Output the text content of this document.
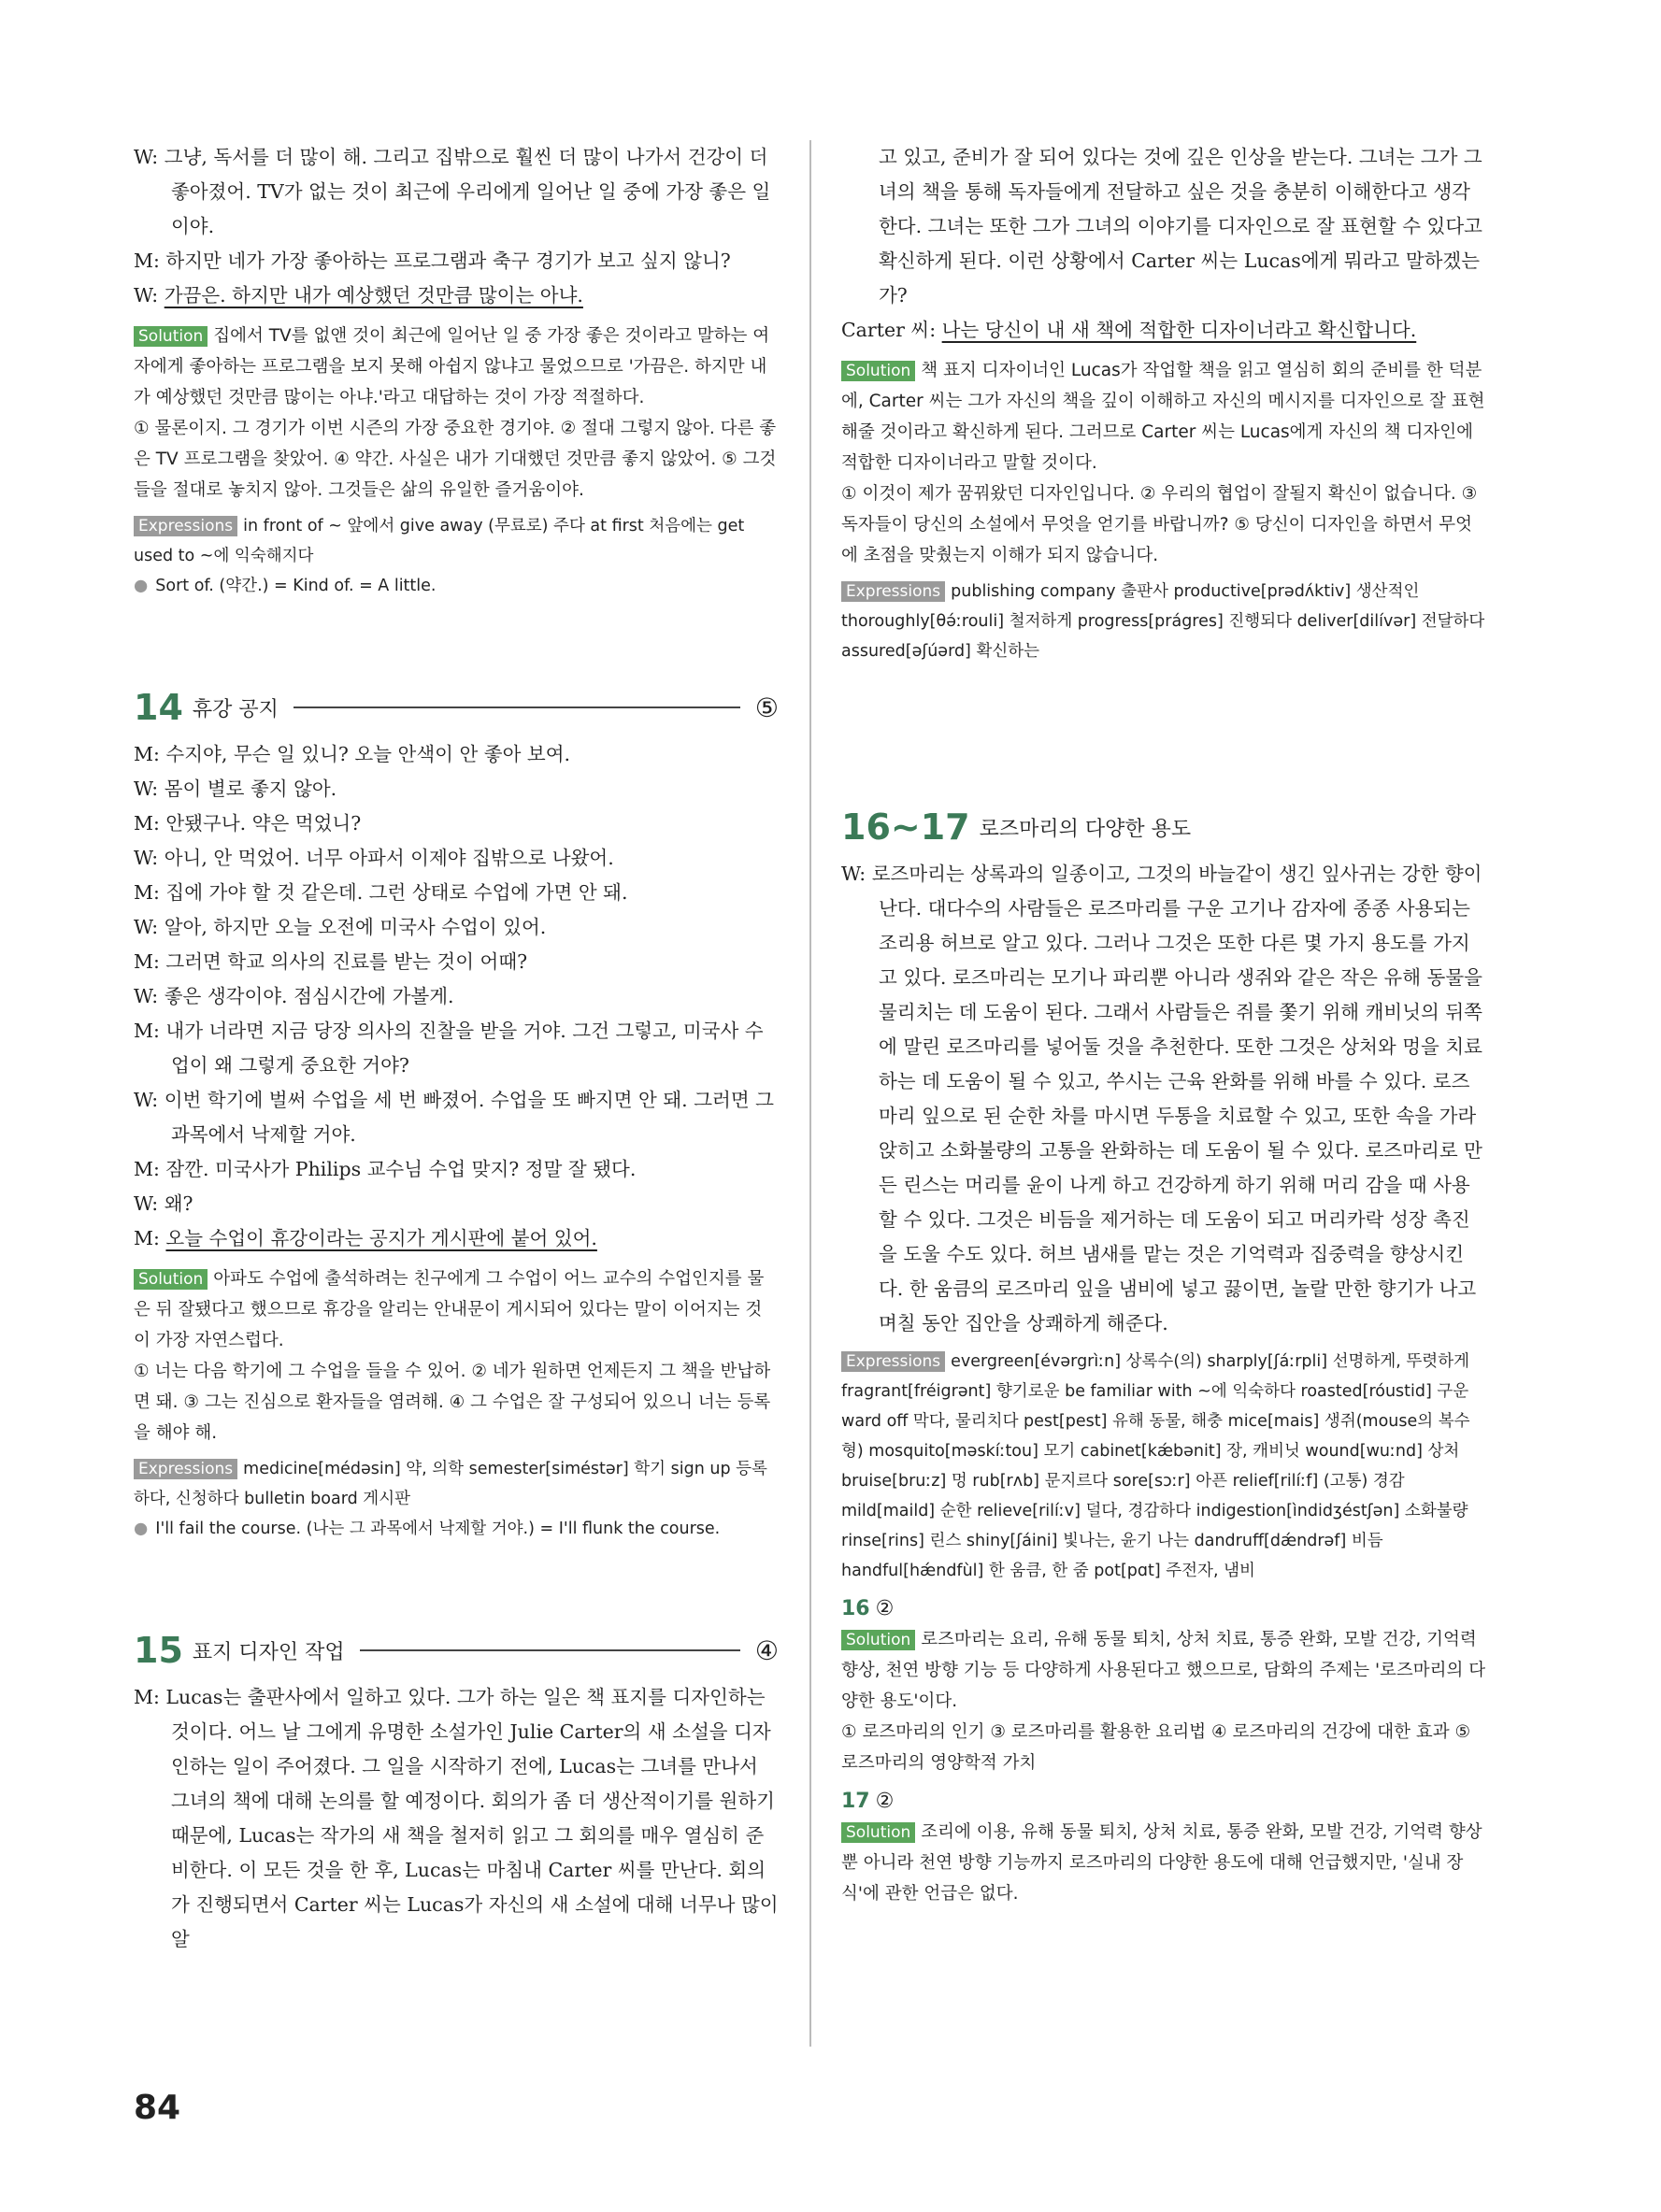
W: 그냥, 독서를 더 많이 해. 그리고 집밖으로 훨씬 더 많이 나가서 건강이 더 좋아졌어. TV가 없는 것이 최근에 우리에게 일어난 일 중에 가장 좋은 일이야.

M: 하지만 네가 가장 좋아하는 프로그램과 축구 경기가 보고 싶지 않니?

W: 가끔은. 하지만 내가 예상했던 것만큼 많이는 아냐.

Solution 집에서 TV를 없앤 것이 최근에 일어난 일 중 가장 좋은 것이라고 말하는 여자에게 좋아하는 프로그램을 보지 못해 아쉽지 않냐고 물었으므로 '가끔은. 하지만 내가 예상했던 것만큼 많이는 아냐.'라고 대답하는 것이 가장 적절하다.
① 물론이지. 그 경기가 이번 시즌의 가장 중요한 경기야. ② 절대 그렇지 않아. 다른 좋은 TV 프로그램을 찾았어. ④ 약간. 사실은 내가 기대했던 것만큼 좋지 않았어. ⑤ 그것들을 절대로 놓치지 않아. 그것들은 삶의 유일한 즐거움이야.
Expressions in front of ~ 앞에서 give away (무료로) 주다 at first 처음에는 get used to ~에 익숙해지다
● Sort of. (약간.) = Kind of. = A little.
14 휴강 공지	⑤

M: 수지야, 무슨 일 있니? 오늘 안색이 안 좋아 보여.

W: 몸이 별로 좋지 않아.

M: 안됐구나. 약은 먹었니?

W: 아니, 안 먹었어. 너무 아파서 이제야 집밖으로 나왔어.

M: 집에 가야 할 것 같은데. 그런 상태로 수업에 가면 안 돼.

W: 알아, 하지만 오늘 오전에 미국사 수업이 있어.

M: 그러면 학교 의사의 진료를 받는 것이 어때?

W: 좋은 생각이야. 점심시간에 가볼게.

M: 내가 너라면 지금 당장 의사의 진찰을 받을 거야. 그건 그렇고, 미국사 수업이 왜 그렇게 중요한 거야?

W: 이번 학기에 벌써 수업을 세 번 빠졌어. 수업을 또 빠지면 안 돼. 그러면 그 과목에서 낙제할 거야.

M: 잠깐. 미국사가 Philips 교수님 수업 맞지? 정말 잘 됐다.

W: 왜?

M: 오늘 수업이 휴강이라는 공지가 게시판에 붙어 있어.

Solution 아파도 수업에 출석하려는 친구에게 그 수업이 어느 교수의 수업인지를 물은 뒤 잘됐다고 했으므로 휴강을 알리는 안내문이 게시되어 있다는 말이 이어지는 것이 가장 자연스럽다.
① 너는 다음 학기에 그 수업을 들을 수 있어. ② 네가 원하면 언제든지 그 책을 반납하면 돼. ③ 그는 진심으로 환자들을 염려해. ④ 그 수업은 잘 구성되어 있으니 너는 등록을 해야 해.
Expressions medicine[médəsin] 약, 의학 semester[siméstər] 학기 sign up 등록하다, 신청하다 bulletin board 게시판
● I'll fail the course. (나는 그 과목에서 낙제할 거야.) = I'll flunk the course.
15 표지 디자인 작업	④

M: Lucas는 출판사에서 일하고 있다. 그가 하는 일은 책 표지를 디자인하는 것이다. 어느 날 그에게 유명한 소설가인 Julie Carter의 새 소설을 디자인하는 일이 주어졌다. 그 일을 시작하기 전에, Lucas는 그녀를 만나서 그녀의 책에 대해 논의를 할 예정이다. 회의가 좀 더 생산적이기를 원하기 때문에, Lucas는 작가의 새 책을 철저히 읽고 그 회의를 매우 열심히 준비한다. 이 모든 것을 한 후, Lucas는 마침내 Carter 씨를 만난다. 회의가 진행되면서 Carter 씨는 Lucas가 자신의 새 소설에 대해 너무나 많이 알

고 있고, 준비가 잘 되어 있다는 것에 깊은 인상을 받는다. 그녀는 그가 그녀의 책을 통해 독자들에게 전달하고 싶은 것을 충분히 이해한다고 생각한다. 그녀는 또한 그가 그녀의 이야기를 디자인으로 잘 표현할 수 있다고 확신하게 된다. 이런 상황에서 Carter 씨는 Lucas에게 뭐라고 말하겠는가?

Carter 씨: 나는 당신이 내 새 책에 적합한 디자이너라고 확신합니다.

Solution 책 표지 디자이너인 Lucas가 작업할 책을 읽고 열심히 회의 준비를 한 덕분에, Carter 씨는 그가 자신의 책을 깊이 이해하고 자신의 메시지를 디자인으로 잘 표현해줄 것이라고 확신하게 된다. 그러므로 Carter 씨는 Lucas에게 자신의 책 디자인에 적합한 디자이너라고 말할 것이다.
① 이것이 제가 꿈꿔왔던 디자인입니다. ② 우리의 협업이 잘될지 확신이 없습니다. ③ 독자들이 당신의 소설에서 무엇을 얻기를 바랍니까? ⑤ 당신이 디자인을 하면서 무엇에 초점을 맞췄는지 이해가 되지 않습니다.
Expressions publishing company 출판사 productive[prədʌ́ktiv] 생산적인 thoroughly[θə́ːrouli] 철저하게 progress[prágres] 진행되다 deliver[dilívər] 전달하다 assured[əʃúərd] 확신하는
16~17 로즈마리의 다양한 용도

W: 로즈마리는 상록과의 일종이고, 그것의 바늘같이 생긴 잎사귀는 강한 향이 난다. 대다수의 사람들은 로즈마리를 구운 고기나 감자에 종종 사용되는 조리용 허브로 알고 있다. 그러나 그것은 또한 다른 몇 가지 용도를 가지고 있다. 로즈마리는 모기나 파리뿐 아니라 생쥐와 같은 작은 유해 동물을 물리치는 데 도움이 된다. 그래서 사람들은 쥐를 쫓기 위해 캐비닛의 뒤쪽에 말린 로즈마리를 넣어둘 것을 추천한다. 또한 그것은 상처와 멍을 치료하는 데 도움이 될 수 있고, 쑤시는 근육 완화를 위해 바를 수 있다. 로즈마리 잎으로 된 순한 차를 마시면 두통을 치료할 수 있고, 또한 속을 가라앉히고 소화불량의 고통을 완화하는 데 도움이 될 수 있다. 로즈마리로 만든 린스는 머리를 윤이 나게 하고 건강하게 하기 위해 머리 감을 때 사용할 수 있다. 그것은 비듬을 제거하는 데 도움이 되고 머리카락 성장 촉진을 도울 수도 있다. 허브 냄새를 맡는 것은 기억력과 집중력을 향상시킨다. 한 움큼의 로즈마리 잎을 냄비에 넣고 끓이면, 놀랄 만한 향기가 나고 며칠 동안 집안을 상쾌하게 해준다.

Expressions evergreen[évərgrìːn] 상록수(의) sharply[ʃáːrpli] 선명하게, 뚜렷하게 fragrant[fréigrənt] 향기로운 be familiar with ~에 익숙하다 roasted[róustid] 구운 ward off 막다, 물리치다 pest[pest] 유해 동물, 해충 mice[mais] 생쥐(mouse의 복수형) mosquito[məskíːtou] 모기 cabinet[kǽbənit] 장, 캐비닛 wound[wuːnd] 상처 bruise[bruːz] 멍 rub[rʌb] 문지르다 sore[sɔːr] 아픈 relief[rilíːf] (고통) 경감 mild[maild] 순한 relieve[rilíːv] 덜다, 경감하다 indigestion[ìndidʒéstʃən] 소화불량 rinse[rins] 린스 shiny[ʃáini] 빛나는, 윤기 나는 dandruff[dǽndrəf] 비듬 handful[hǽndfùl] 한 움큼, 한 줌 pot[pɑt] 주전자, 냄비
16 ②
Solution 로즈마리는 요리, 유해 동물 퇴치, 상처 치료, 통증 완화, 모발 건강, 기억력 향상, 천연 방향 기능 등 다양하게 사용된다고 했으므로, 담화의 주제는 '로즈마리의 다양한 용도'이다.
① 로즈마리의 인기 ③ 로즈마리를 활용한 요리법 ④ 로즈마리의 건강에 대한 효과 ⑤ 로즈마리의 영양학적 가치
17 ②
Solution 조리에 이용, 유해 동물 퇴치, 상처 치료, 통증 완화, 모발 건강, 기억력 향상뿐 아니라 천연 방향 기능까지 로즈마리의 다양한 용도에 대해 언급했지만, '실내 장식'에 관한 언급은 없다.
84
